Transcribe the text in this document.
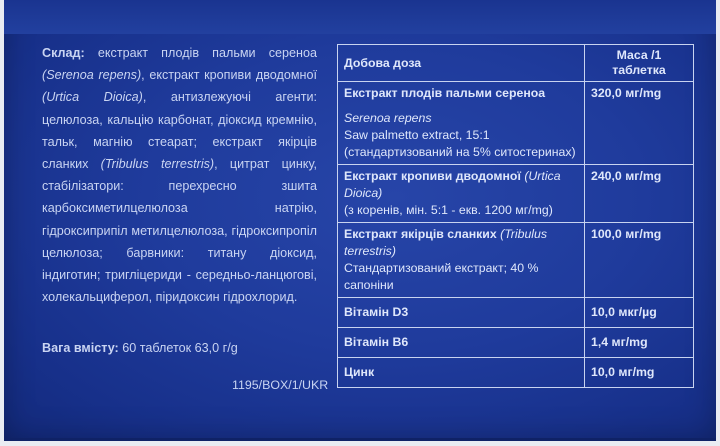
Склад: екстракт плодів пальми сереноа (Serenoa repens), екстракт кропиви дводомної (Urtica Dioica), антизлежуючі агенти: целюлоза, кальцію карбонат, діоксид кремнію, тальк, магнію стеарат; екстракт якірців сланких (Tribulus terrestris), цитрат цинку, стабілізатори: перехресно зшита карбоксиметилцелюлоза натрію, гідроксиприпіл метилцелюлоза, гідроксипропіл целюлоза; барвники: титану діоксид, індиготин; тригліцериди - середньо-ланцюгові, холекальциферол, піридоксин гідрохлорид.
Вага вмісту: 60 таблеток 63,0 г/g
1195/BOX/1/UKR
Добова доза	Маса /1 таблетка

Екстракт плодів пальми сереноа
Serenoa repens
Saw palmetto extract, 15:1
(стандартизований на 5% ситостеринах)	320,0 мг/mg

Екстракт кропиви дводомної (Urtica Dioica)
(з коренів, мін. 5:1 - екв. 1200 мг/mg)	240,0 мг/mg

Екстракт якірців сланких (Tribulus terrestris)
Стандартизований екстракт; 40 % сапоніни	100,0 мг/mg
Вітамін D3	10,0 мкг/µg
Вітамін В6	1,4 мг/mg
Цинк	10,0 мг/mg
